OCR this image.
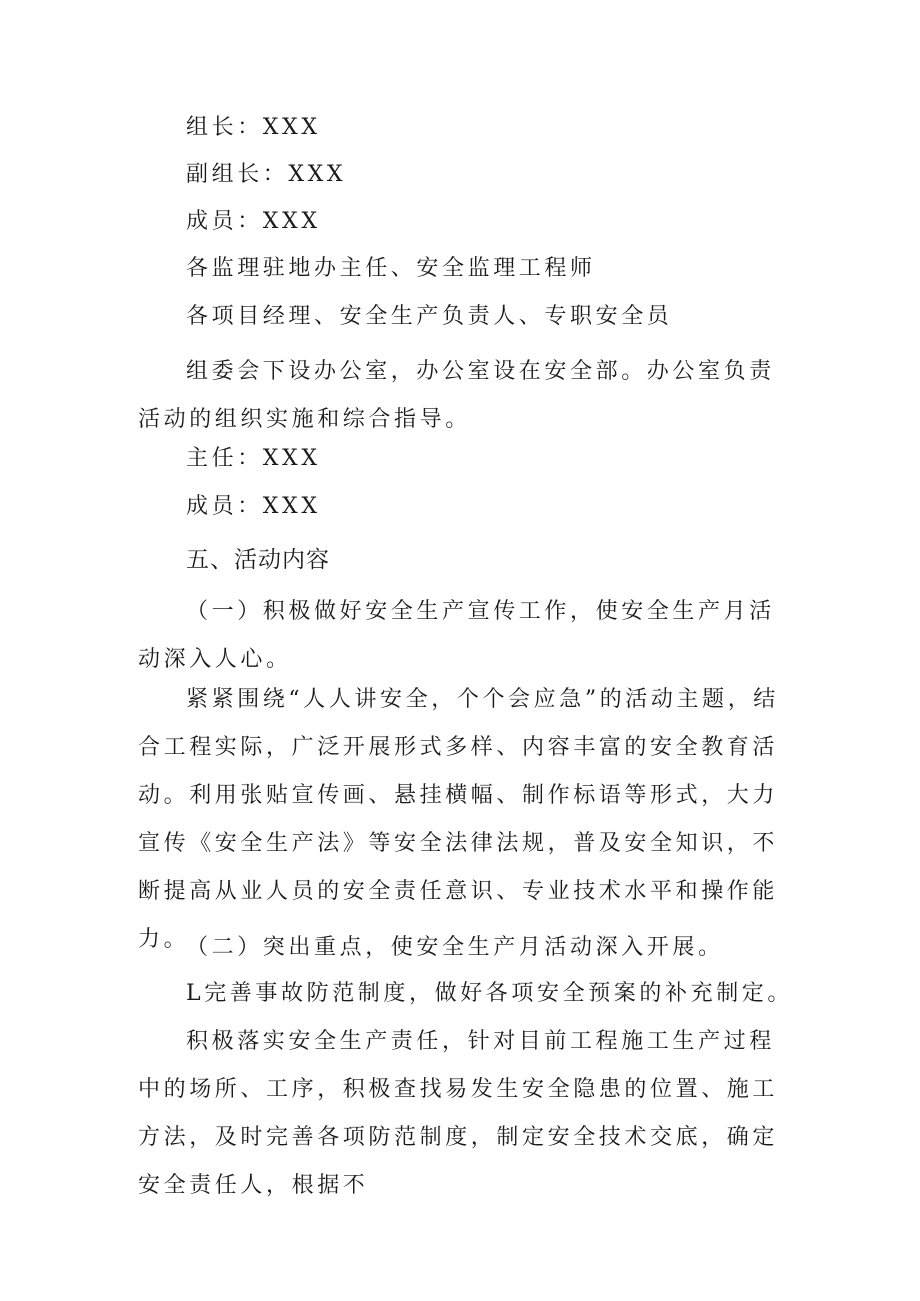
组长：XXX
副组长：XXX
成员：XXX
各监理驻地办主任、安全监理工程师
各项目经理、安全生产负责人、专职安全员
组委会下设办公室，办公室设在安全部。办公室负责活动的组织实施和综合指导。
主任：XXX
成员：XXX
五、活动内容
（一）积极做好安全生产宣传工作，使安全生产月活动深入人心。
紧紧围绕“人人讲安全，个个会应急”的活动主题，结合工程实际，广泛开展形式多样、内容丰富的安全教育活动。利用张贴宣传画、悬挂横幅、制作标语等形式，大力宣传《安全生产法》等安全法律法规，普及安全知识，不断提高从业人员的安全责任意识、专业技术水平和操作能力。
（二）突出重点，使安全生产月活动深入开展。
L完善事故防范制度，做好各项安全预案的补充制定。
积极落实安全生产责任，针对目前工程施工生产过程中的场所、工序，积极查找易发生安全隐患的位置、施工方法，及时完善各项防范制度，制定安全技术交底，确定安全责任人，根据不
